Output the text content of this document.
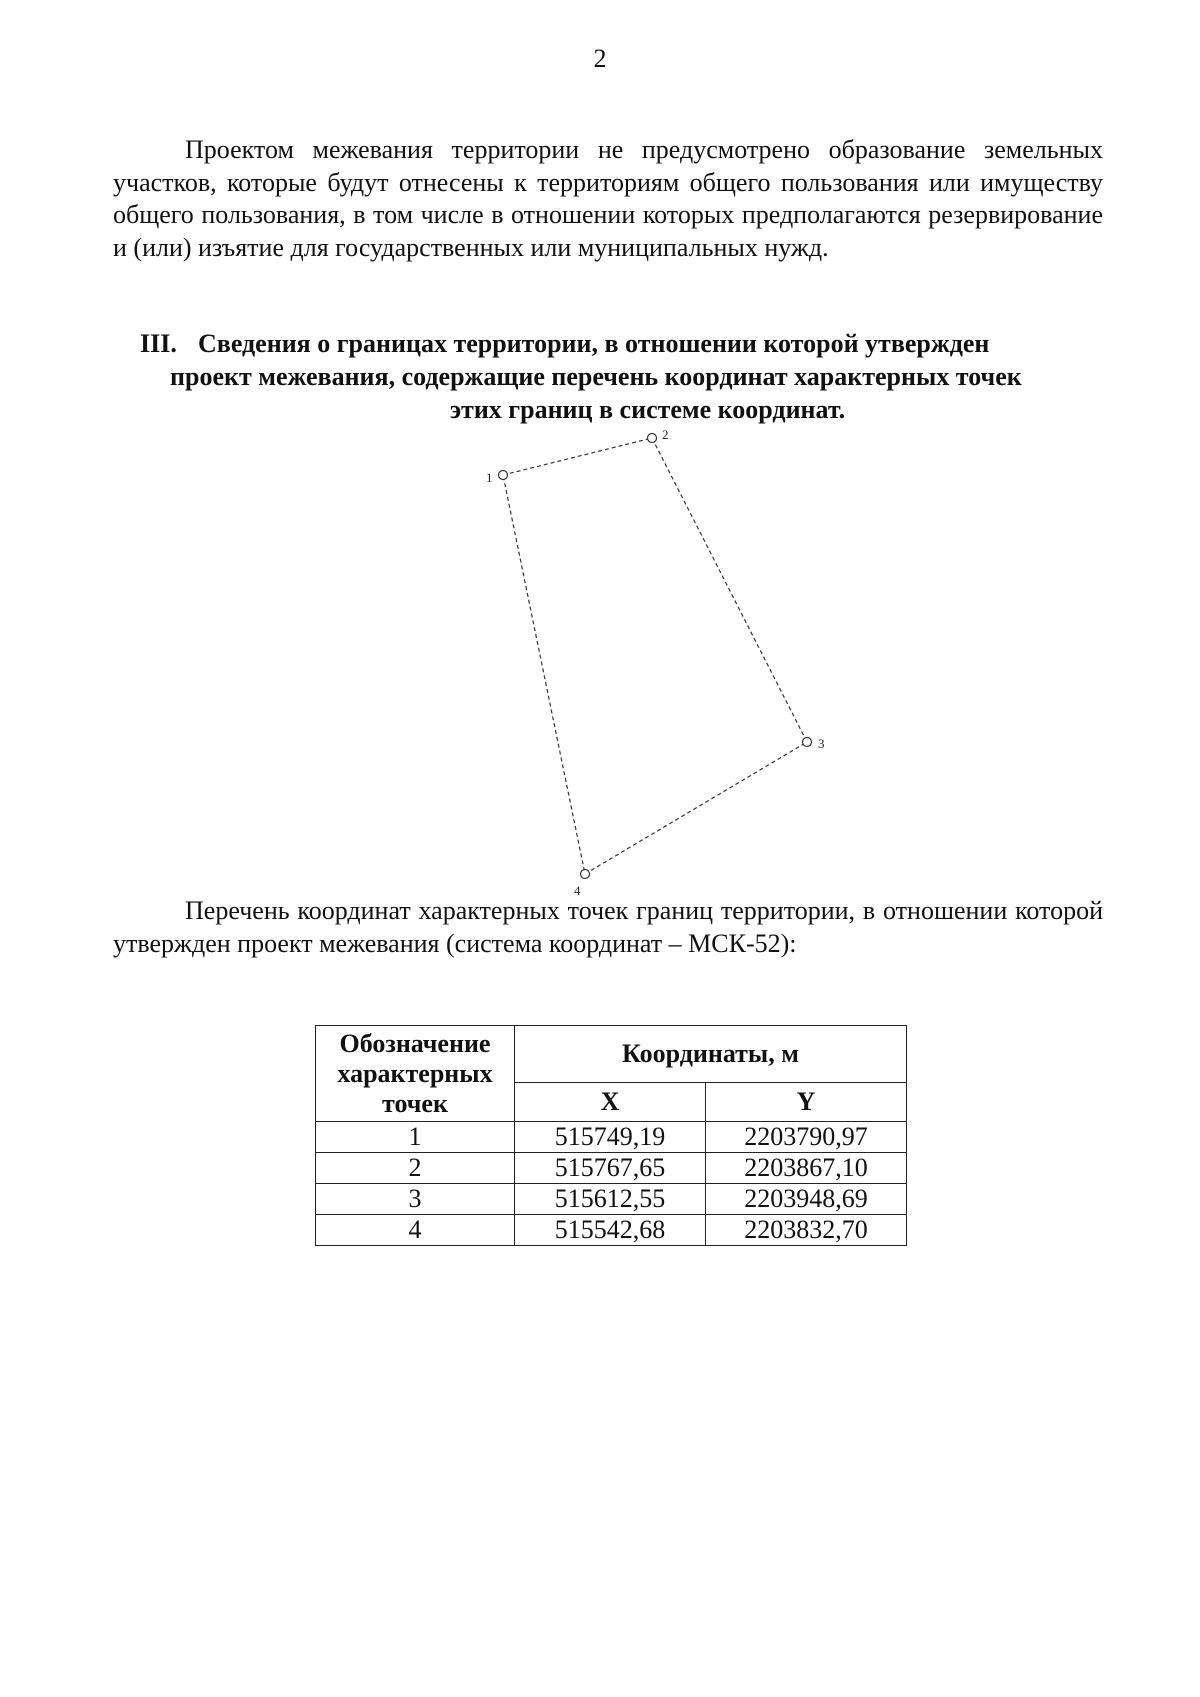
2

Проектом межевания территории не предусмотрено образование земельных участков, которые будут отнесены к территориям общего пользования или имуществу общего пользования, в том числе в отношении которых предполагаются резервирование и (или) изъятие для государственных или муниципальных нужд.

III. Сведения о границах территории, в отношении которой утвержден
проект межевания, содержащие перечень координат характерных точек
этих границ в системе координат.
1
2
3
4

Перечень координат характерных точек границ территории, в отношении которой утвержден проект межевания (система координат – МСК-52):

Обозначение характерных точек	Координаты, м	
	X	Y
1	515749,19	2203790,97
2	515767,65	2203867,10
3	515612,55	2203948,69
4	515542,68	2203832,70
